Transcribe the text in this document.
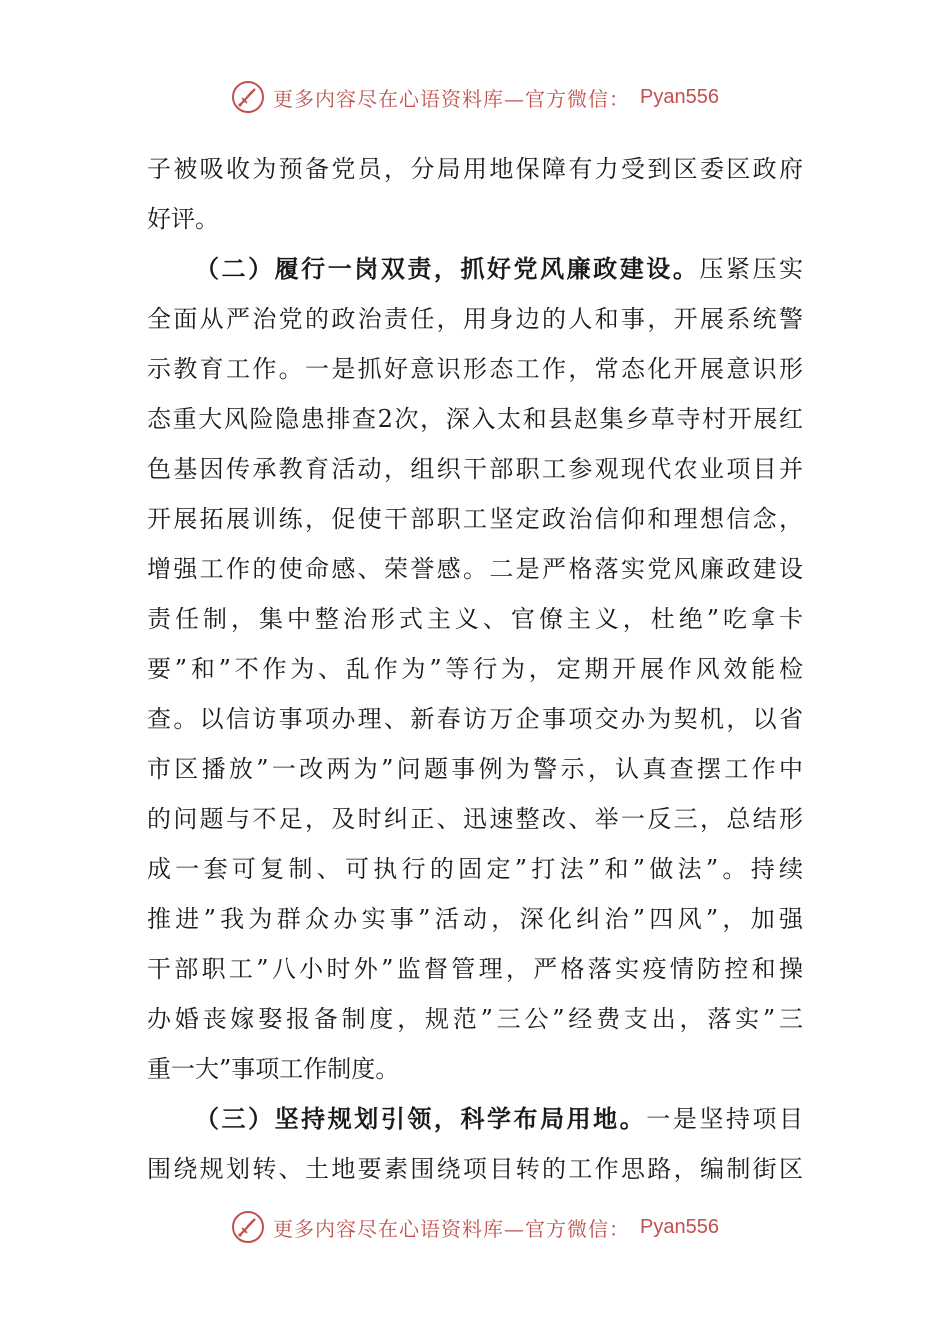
更多内容尽在心语资料库—官方微信： Pyan556
子被吸收为预备党员，分局用地保障有力受到区委区政府
好评。
（二）履行一岗双责，抓好党风廉政建设。压紧压实
全面从严治党的政治责任，用身边的人和事，开展系统警
示教育工作。一是抓好意识形态工作，常态化开展意识形
态重大风险隐患排查2次，深入太和县赵集乡草寺村开展红
色基因传承教育活动，组织干部职工参观现代农业项目并
开展拓展训练，促使干部职工坚定政治信仰和理想信念，
增强工作的使命感、荣誉感。二是严格落实党风廉政建设
责任制，集中整治形式主义、官僚主义，杜绝”吃拿卡
要”和”不作为、乱作为”等行为，定期开展作风效能检
查。以信访事项办理、新春访万企事项交办为契机，以省
市区播放”一改两为”问题事例为警示，认真查摆工作中
的问题与不足，及时纠正、迅速整改、举一反三，总结形
成一套可复制、可执行的固定”打法”和”做法”。持续
推进”我为群众办实事”活动，深化纠治”四风”，加强
干部职工”八小时外”监督管理，严格落实疫情防控和操
办婚丧嫁娶报备制度，规范”三公”经费支出，落实”三
重一大”事项工作制度。
（三）坚持规划引领，科学布局用地。一是坚持项目
围绕规划转、土地要素围绕项目转的工作思路，编制街区
更多内容尽在心语资料库—官方微信： Pyan556
